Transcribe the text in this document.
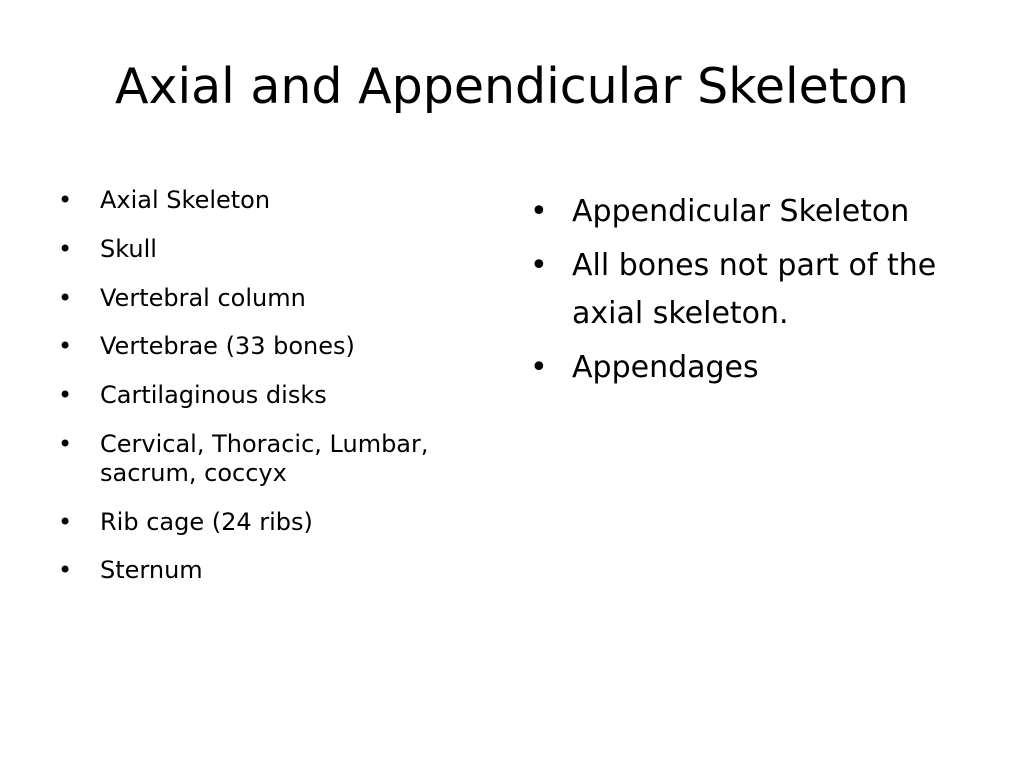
Axial and Appendicular Skeleton
• Axial Skeleton
• Skull
• Vertebral column
• Vertebrae (33 bones)
• Cartilaginous disks
• Cervical, Thoracic, Lumbar, sacrum, coccyx
• Rib cage (24 ribs)
• Sternum
• Appendicular Skeleton
• All bones not part of the axial skeleton.
• Appendages
